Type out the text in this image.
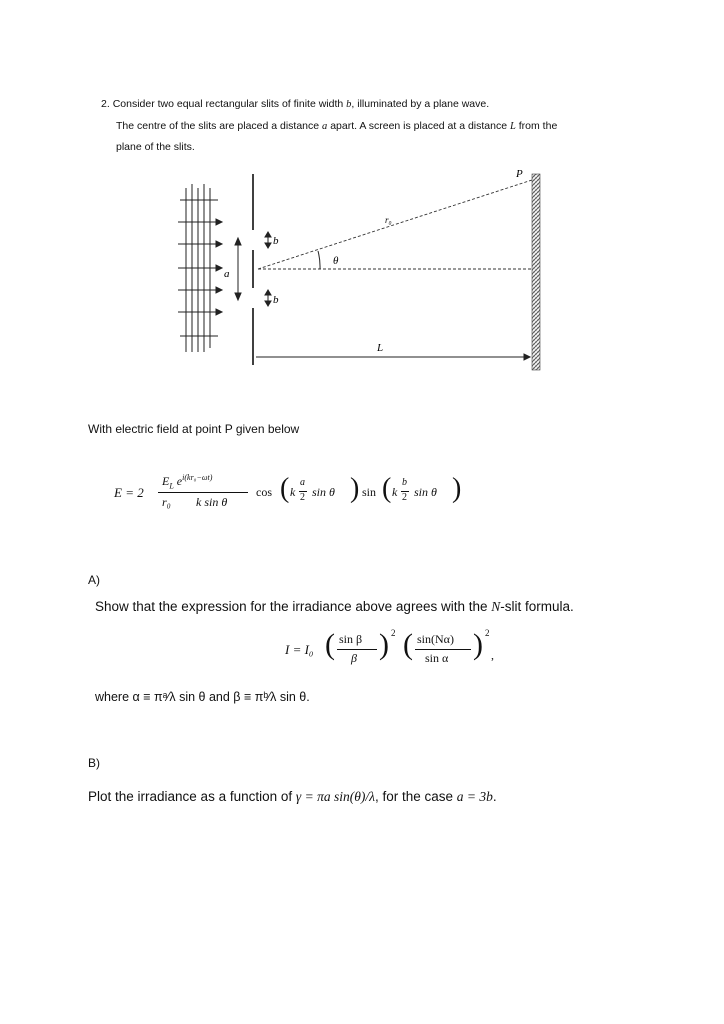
2. Consider two equal rectangular slits of finite width b, illuminated by a plane wave.
The centre of the slits are placed a distance a apart. A screen is placed at a distance L from the
plane of the slits.
a
b
b
θ
r₀
L
P
With electric field at point P given below
E = 2
$E_L$ $e^{i(kr_0-\omega t)}$
r₀ k sin θ
cos ( k
a
2 sin θ ) sin ( k
b
2 sin θ )
A)
Show that the expression for the irradiance above agrees with the N-slit formula.
I = I₀ ( sin β
β ) 2 ( sin(Nα)
sin α ) 2
,
where α ≡ πᵃ⁄λ sin θ and β ≡ πᵇ⁄λ sin θ.
B)
Plot the irradiance as a function of γ = πa sin(θ)/λ, for the case a = 3b.
